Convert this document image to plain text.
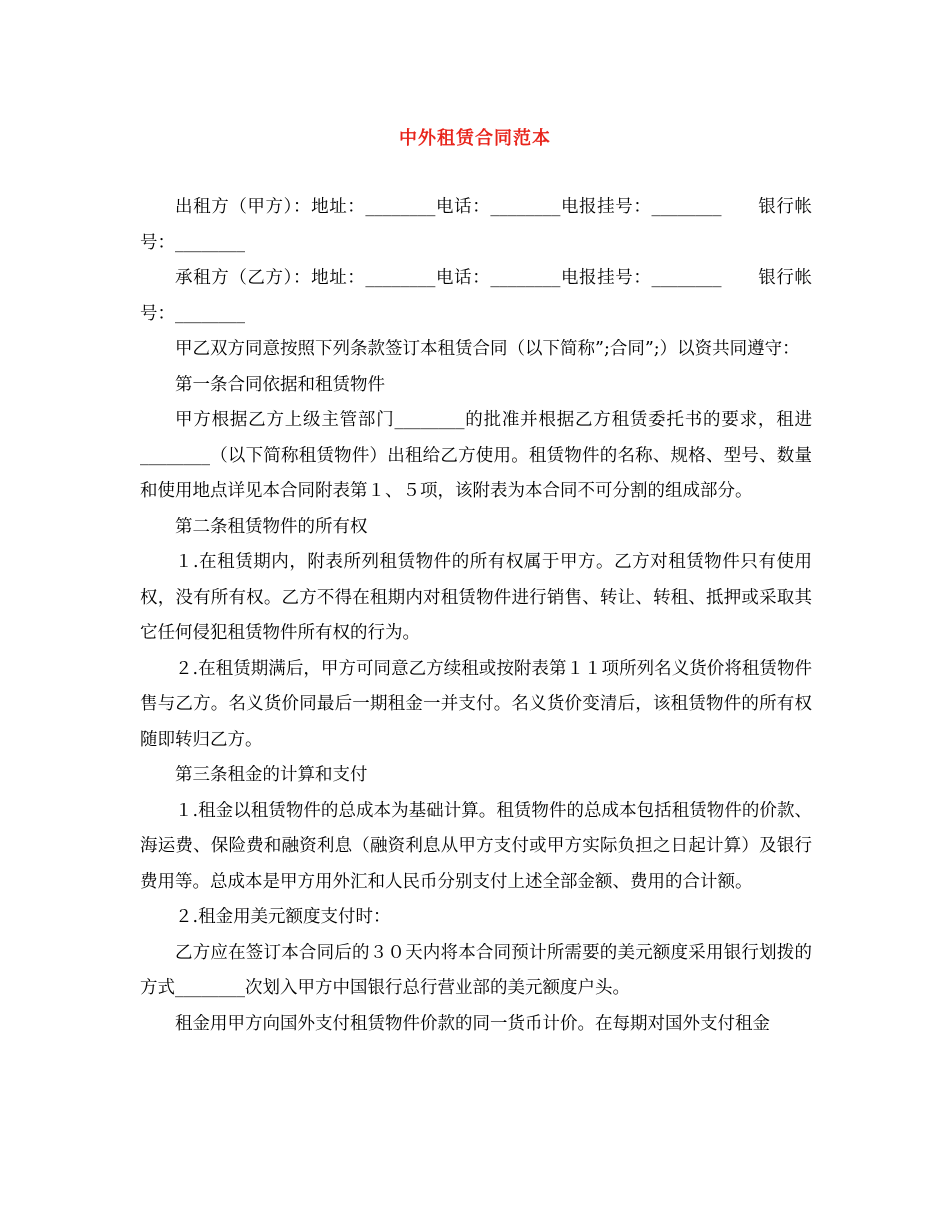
中外租赁合同范本

出租方（甲方）：地址：________电话：________电报挂号：________　　银行帐号：________

承租方（乙方）：地址：________电话：________电报挂号：________　　银行帐号：________

甲乙双方同意按照下列条款签订本租赁合同（以下简称”;合同”;）以资共同遵守：

第一条合同依据和租赁物件

甲方根据乙方上级主管部门________的批准并根据乙方租赁委托书的要求，租进________（以下简称租赁物件）出租给乙方使用。租赁物件的名称、规格、型号、数量和使用地点详见本合同附表第１、５项，该附表为本合同不可分割的组成部分。

第二条租赁物件的所有权

１.在租赁期内，附表所列租赁物件的所有权属于甲方。乙方对租赁物件只有使用权，没有所有权。乙方不得在租期内对租赁物件进行销售、转让、转租、抵押或采取其它任何侵犯租赁物件所有权的行为。

２.在租赁期满后，甲方可同意乙方续租或按附表第１１项所列名义货价将租赁物件售与乙方。名义货价同最后一期租金一并支付。名义货价变清后，该租赁物件的所有权随即转归乙方。

第三条租金的计算和支付

１.租金以租赁物件的总成本为基础计算。租赁物件的总成本包括租赁物件的价款、海运费、保险费和融资利息（融资利息从甲方支付或甲方实际负担之日起计算）及银行费用等。总成本是甲方用外汇和人民币分别支付上述全部金额、费用的合计额。

２.租金用美元额度支付时：

乙方应在签订本合同后的３０天内将本合同预计所需要的美元额度采用银行划拨的方式________次划入甲方中国银行总行营业部的美元额度户头。

租金用甲方向国外支付租赁物件价款的同一货币计价。在每期对国外支付租金
